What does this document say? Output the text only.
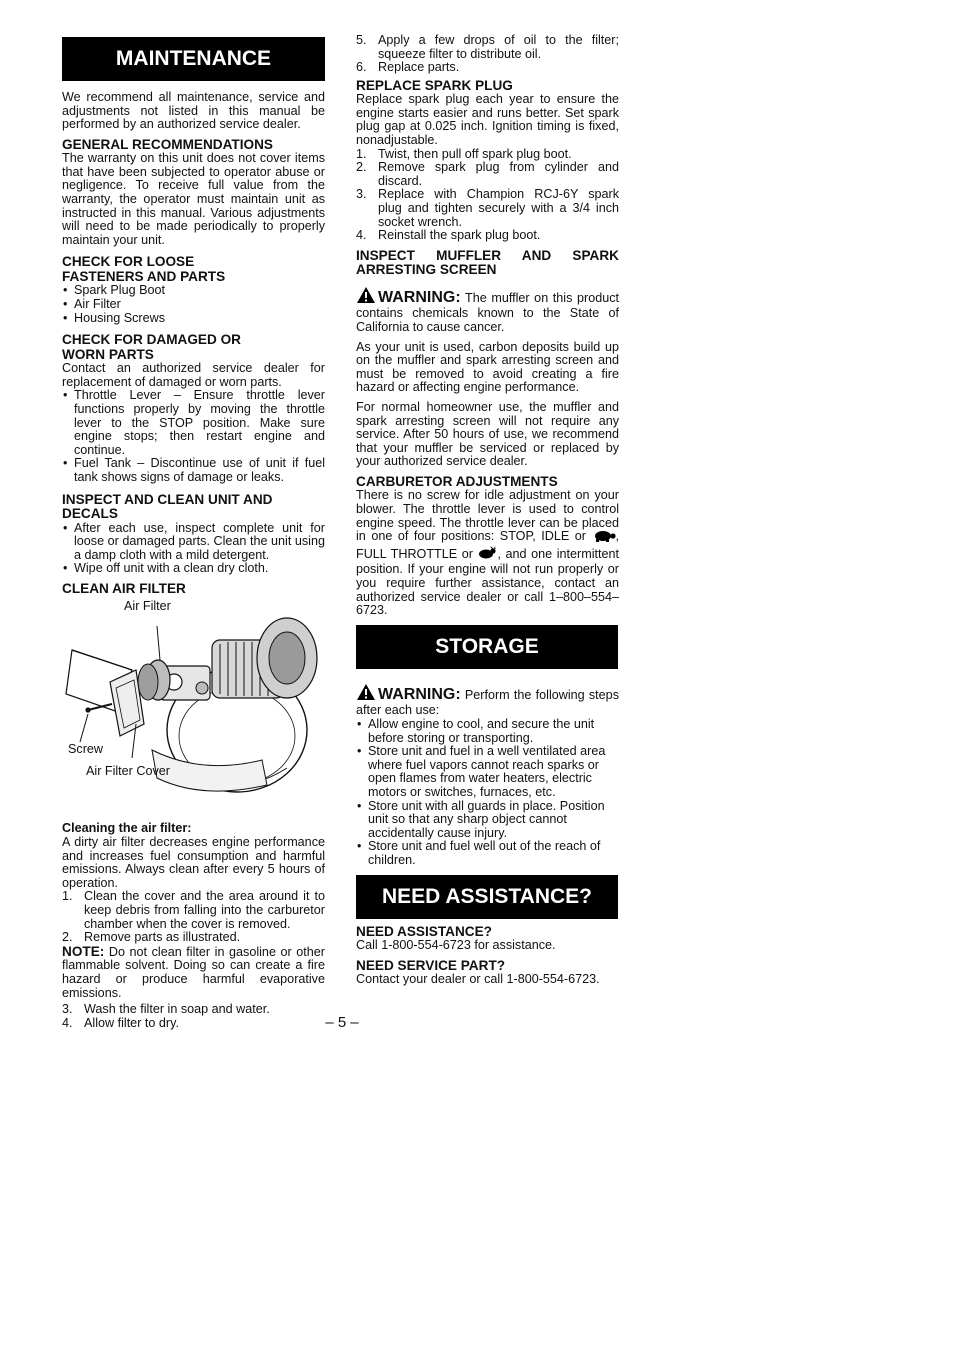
MAINTENANCE

We recommend all maintenance, service and adjustments not listed in this manual be performed by an authorized service dealer.

GENERAL RECOMMENDATIONS

The warranty on this unit does not cover items that have been subjected to operator abuse or negligence. To receive full value from the warranty, the operator must maintain unit as instructed in this manual. Various adjustments will need to be made periodically to properly maintain your unit.

CHECK FOR LOOSE
FASTENERS AND PARTS
• Spark Plug Boot
• Air Filter
• Housing Screws
CHECK FOR DAMAGED OR
WORN PARTS

Contact an authorized service dealer for replacement of damaged or worn parts.

• Throttle Lever – Ensure throttle lever functions properly by moving the throttle lever to the STOP position. Make sure engine stops; then restart engine and continue.
• Fuel Tank – Discontinue use of unit if fuel tank shows signs of damage or leaks.
INSPECT AND CLEAN UNIT AND
DECALS
• After each use, inspect complete unit for loose or damaged parts. Clean the unit using a damp cloth with a mild detergent.
• Wipe off unit with a clean dry cloth.
CLEAN AIR FILTER
Air Filter
Screw
Air Filter Cover
Cleaning the air filter:

A dirty air filter decreases engine performance and increases fuel consumption and harmful emissions. Always clean after every 5 hours of operation.

1. Clean the cover and the area around it to keep debris from falling into the carburetor chamber when the cover is removed.
2. Remove parts as illustrated.

NOTE: Do not clean filter in gasoline or other flammable solvent. Doing so can create a fire hazard or produce harmful evaporative emissions.

3. Wash the filter in soap and water.
4. Allow filter to dry.
5. Apply a few drops of oil to the filter; squeeze filter to distribute oil.
6. Replace parts.
REPLACE SPARK PLUG

Replace spark plug each year to ensure the engine starts easier and runs better. Set spark plug gap at 0.025 inch. Ignition timing is fixed, nonadjustable.

1. Twist, then pull off spark plug boot.
2. Remove spark plug from cylinder and discard.
3. Replace with Champion RCJ-6Y spark plug and tighten securely with a 3/4 inch socket wrench.
4. Reinstall the spark plug boot.
INSPECT MUFFLER AND SPARK
ARRESTING SCREEN

WARNING: The muffler on this product contains chemicals known to the State of California to cause cancer.

As your unit is used, carbon deposits build up on the muffler and spark arresting screen and must be removed to avoid creating a fire hazard or affecting engine performance.

For normal homeowner use, the muffler and spark arresting screen will not require any service. After 50 hours of use, we recommend that your muffler be serviced or replaced by your authorized service dealer.

CARBURETOR ADJUSTMENTS

There is no screw for idle adjustment on your blower. The throttle lever is used to control engine speed. The throttle lever can be placed in one of four positions: STOP, IDLE or , FULL THROTTLE or , and one intermittent position. If your engine will not run properly or you require further assistance, contact an authorized service dealer or call 1–800–554–6723.

STORAGE

WARNING: Perform the following steps after each use:

• Allow engine to cool, and secure the unit before storing or transporting.
• Store unit and fuel in a well ventilated area where fuel vapors cannot reach sparks or open flames from water heaters, electric motors or switches, furnaces, etc.
• Store unit with all guards in place. Position unit so that any sharp object cannot accidentally cause injury.
• Store unit and fuel well out of the reach of children.
NEED ASSISTANCE?
NEED ASSISTANCE?

Call 1-800-554-6723 for assistance.

NEED SERVICE PART?

Contact your dealer or call 1-800-554-6723.

– 5 –
